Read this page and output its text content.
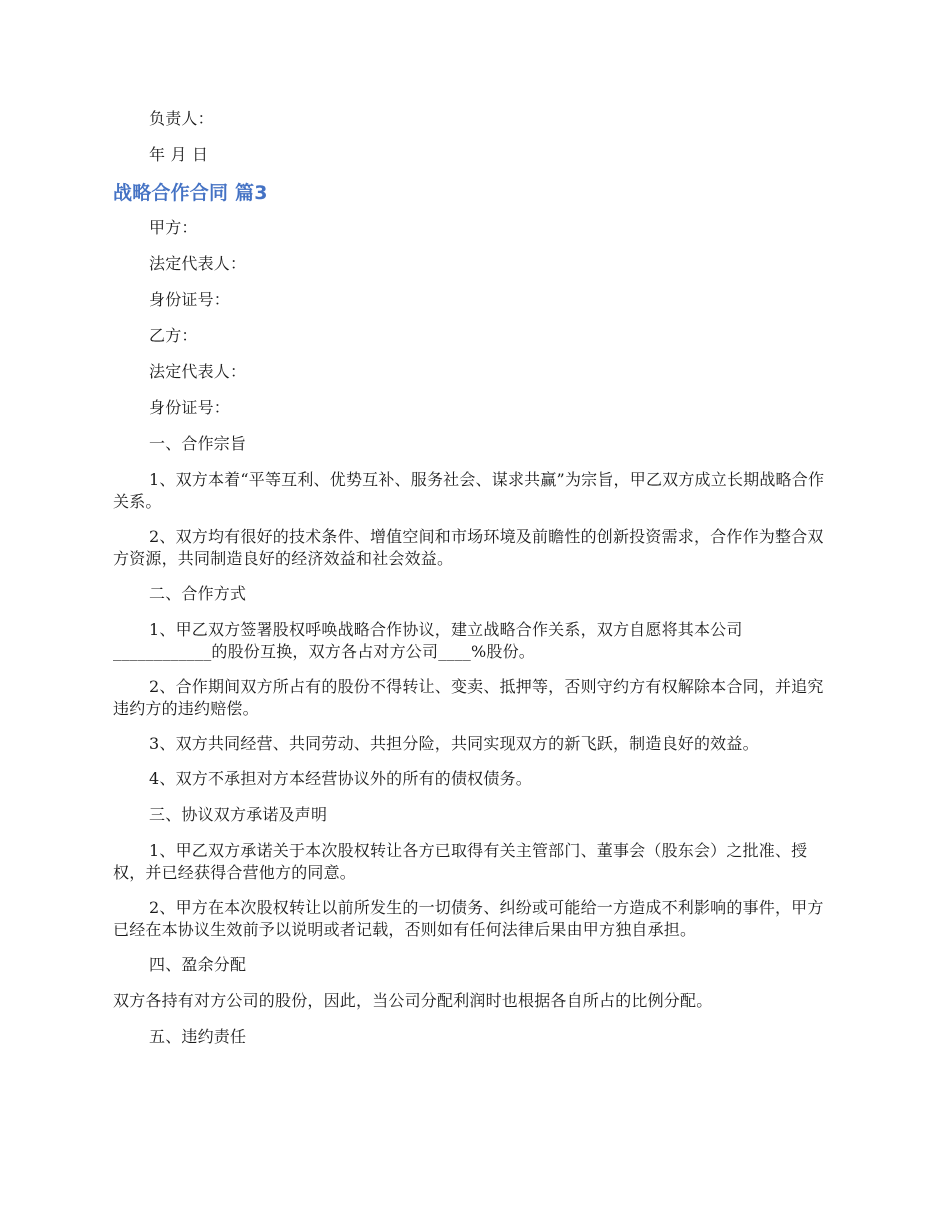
负责人：

年 月 日

战略合作合同 篇3

甲方：

法定代表人：

身份证号：

乙方：

法定代表人：

身份证号：

一、合作宗旨

1、双方本着“平等互利、优势互补、服务社会、谋求共赢”为宗旨，甲乙双方成立长期战略合作关系。

2、双方均有很好的技术条件、增值空间和市场环境及前瞻性的创新投资需求，合作作为整合双方资源，共同制造良好的经济效益和社会效益。

二、合作方式

1、甲乙双方签署股权呼唤战略合作协议，建立战略合作关系，双方自愿将其本公司____________的股份互换，双方各占对方公司____%股份。

2、合作期间双方所占有的股份不得转让、变卖、抵押等，否则守约方有权解除本合同，并追究违约方的违约赔偿。

3、双方共同经营、共同劳动、共担分险，共同实现双方的新飞跃，制造良好的效益。

4、双方不承担对方本经营协议外的所有的债权债务。

三、协议双方承诺及声明

1、甲乙双方承诺关于本次股权转让各方已取得有关主管部门、董事会（股东会）之批准、授权，并已经获得合营他方的同意。

2、甲方在本次股权转让以前所发生的一切债务、纠纷或可能给一方造成不利影响的事件，甲方已经在本协议生效前予以说明或者记载，否则如有任何法律后果由甲方独自承担。

四、盈余分配

双方各持有对方公司的股份，因此，当公司分配利润时也根据各自所占的比例分配。

五、违约责任
